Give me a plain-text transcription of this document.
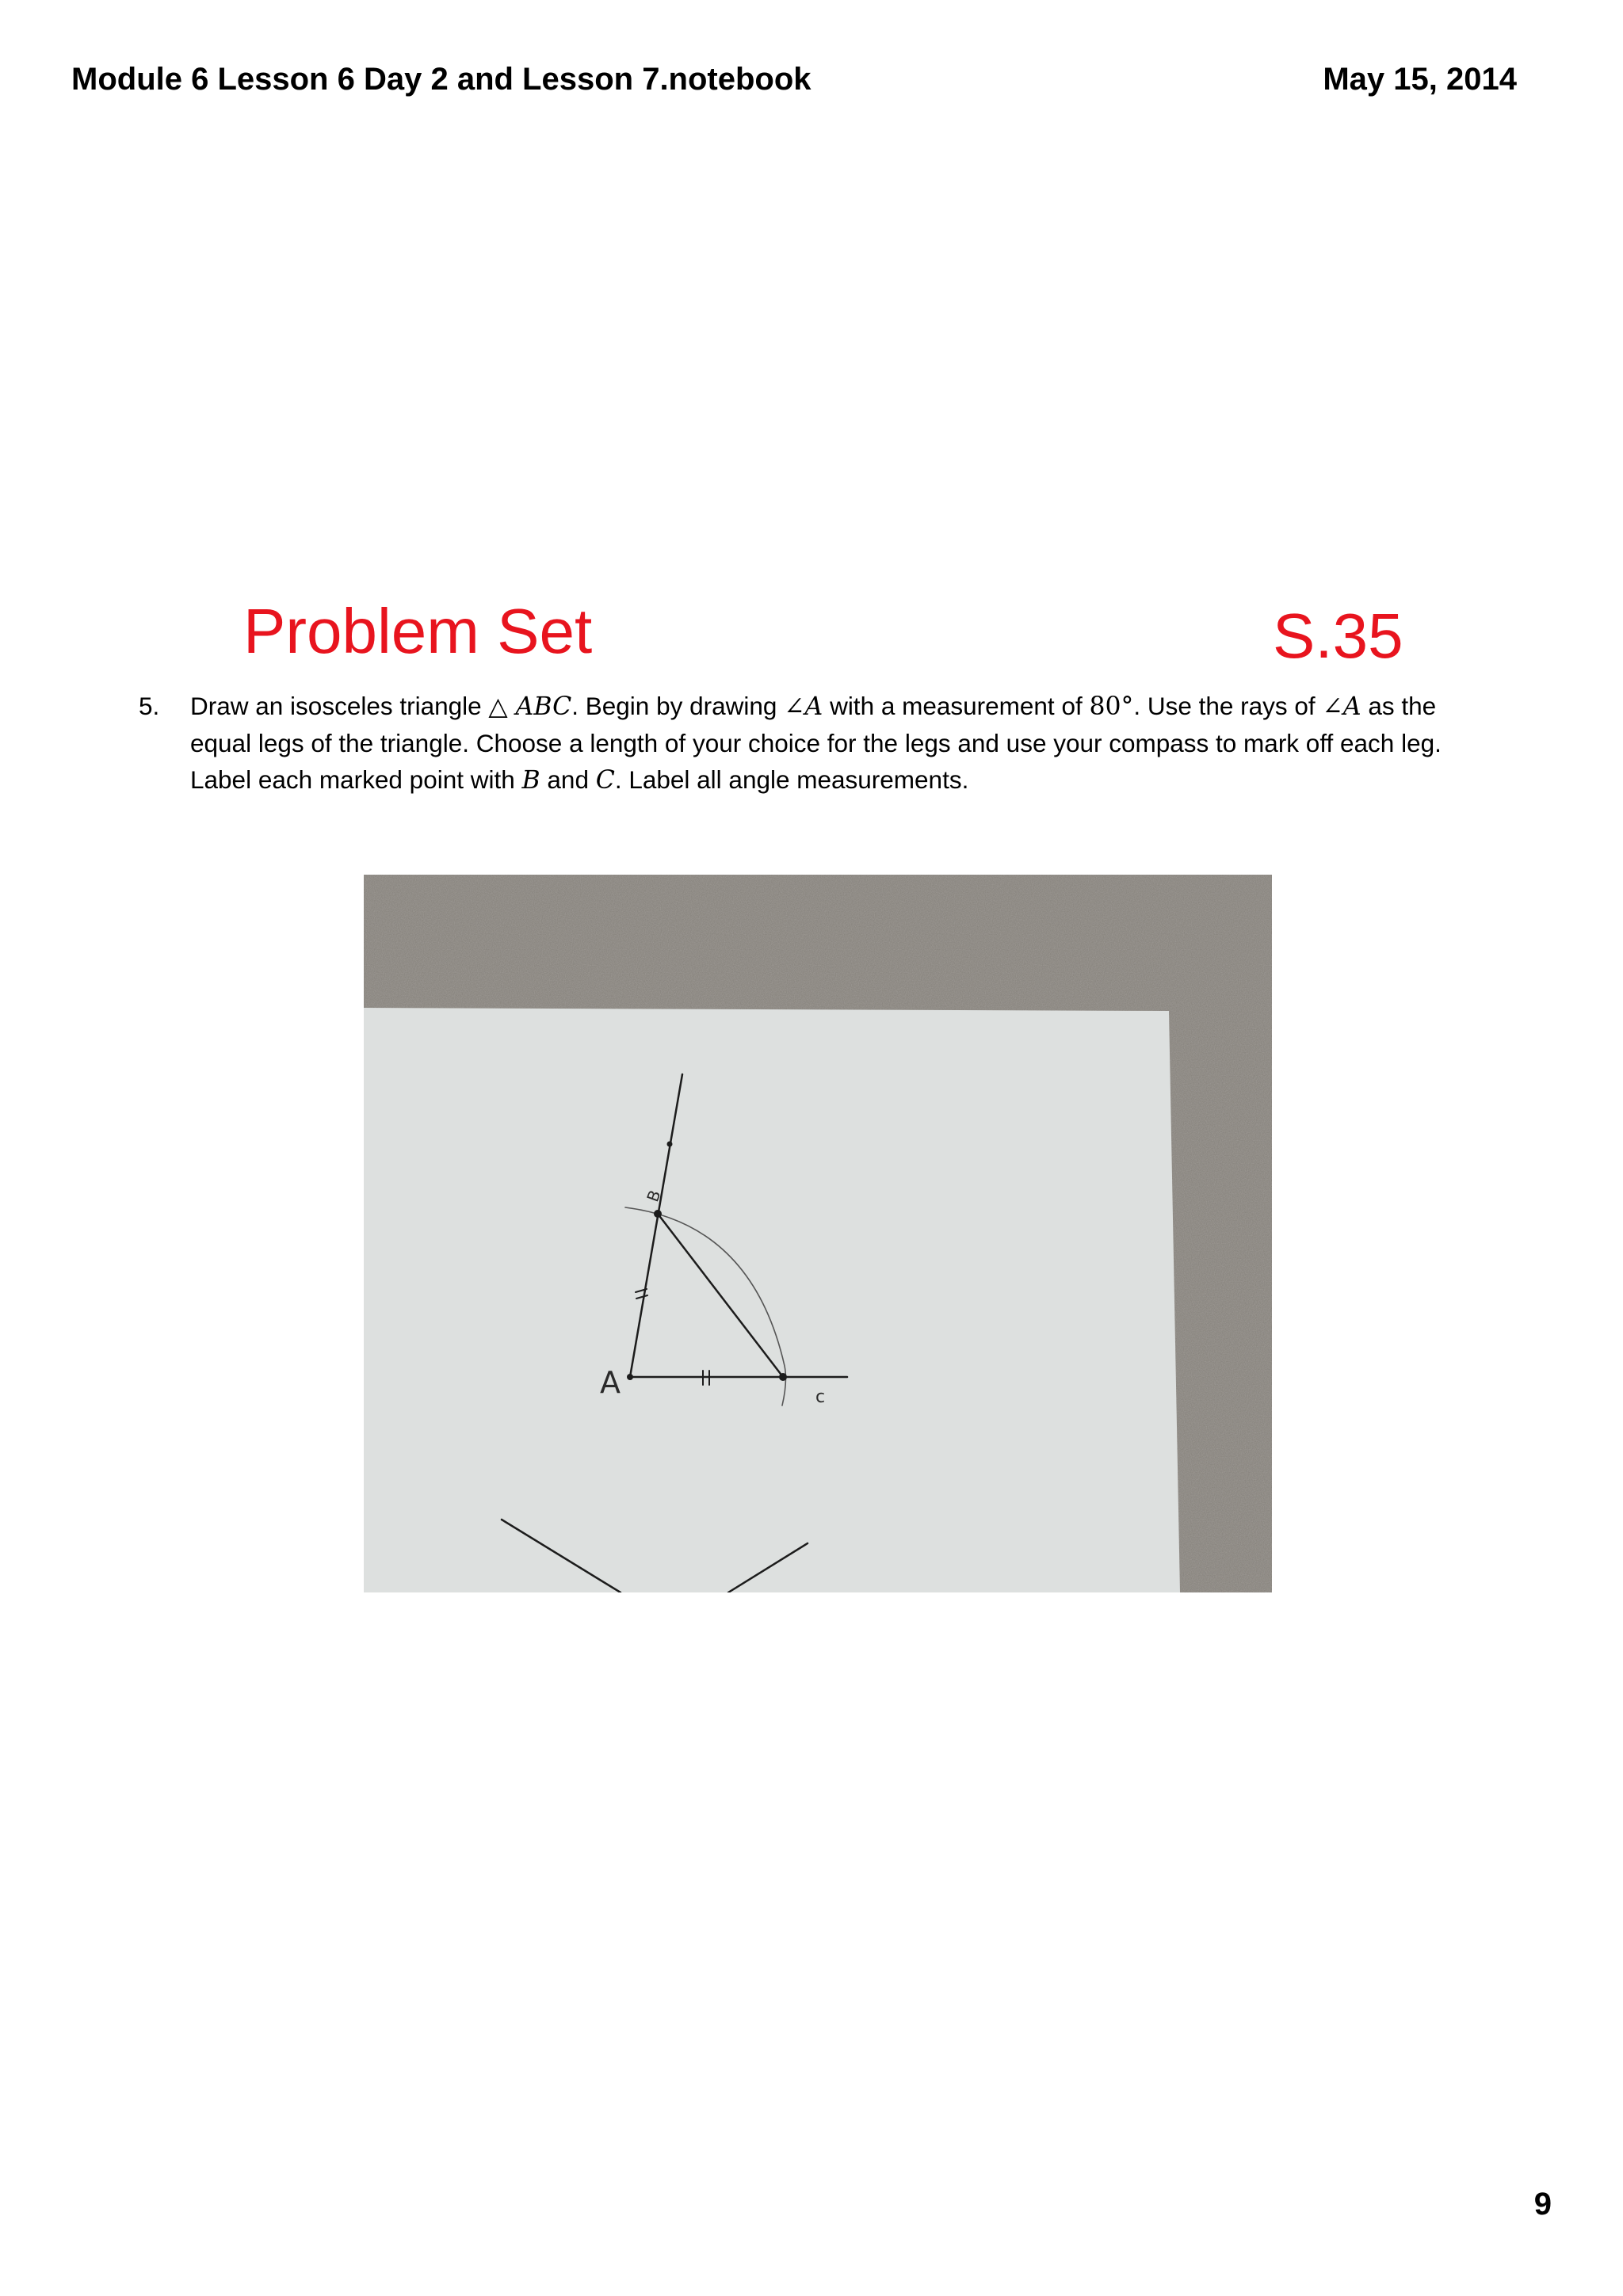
Module 6 Lesson 6 Day 2 and Lesson 7.notebook	May 15, 2014
Problem Set	S.35
5. Draw an isosceles triangle △ ABC. Begin by drawing ∠A with a measurement of 80°. Use the rays of ∠A as the
equal legs of the triangle. Choose a length of your choice for the legs and use your compass to mark off each leg.
Label each marked point with B and C. Label all angle measurements.
A
B
c
9
